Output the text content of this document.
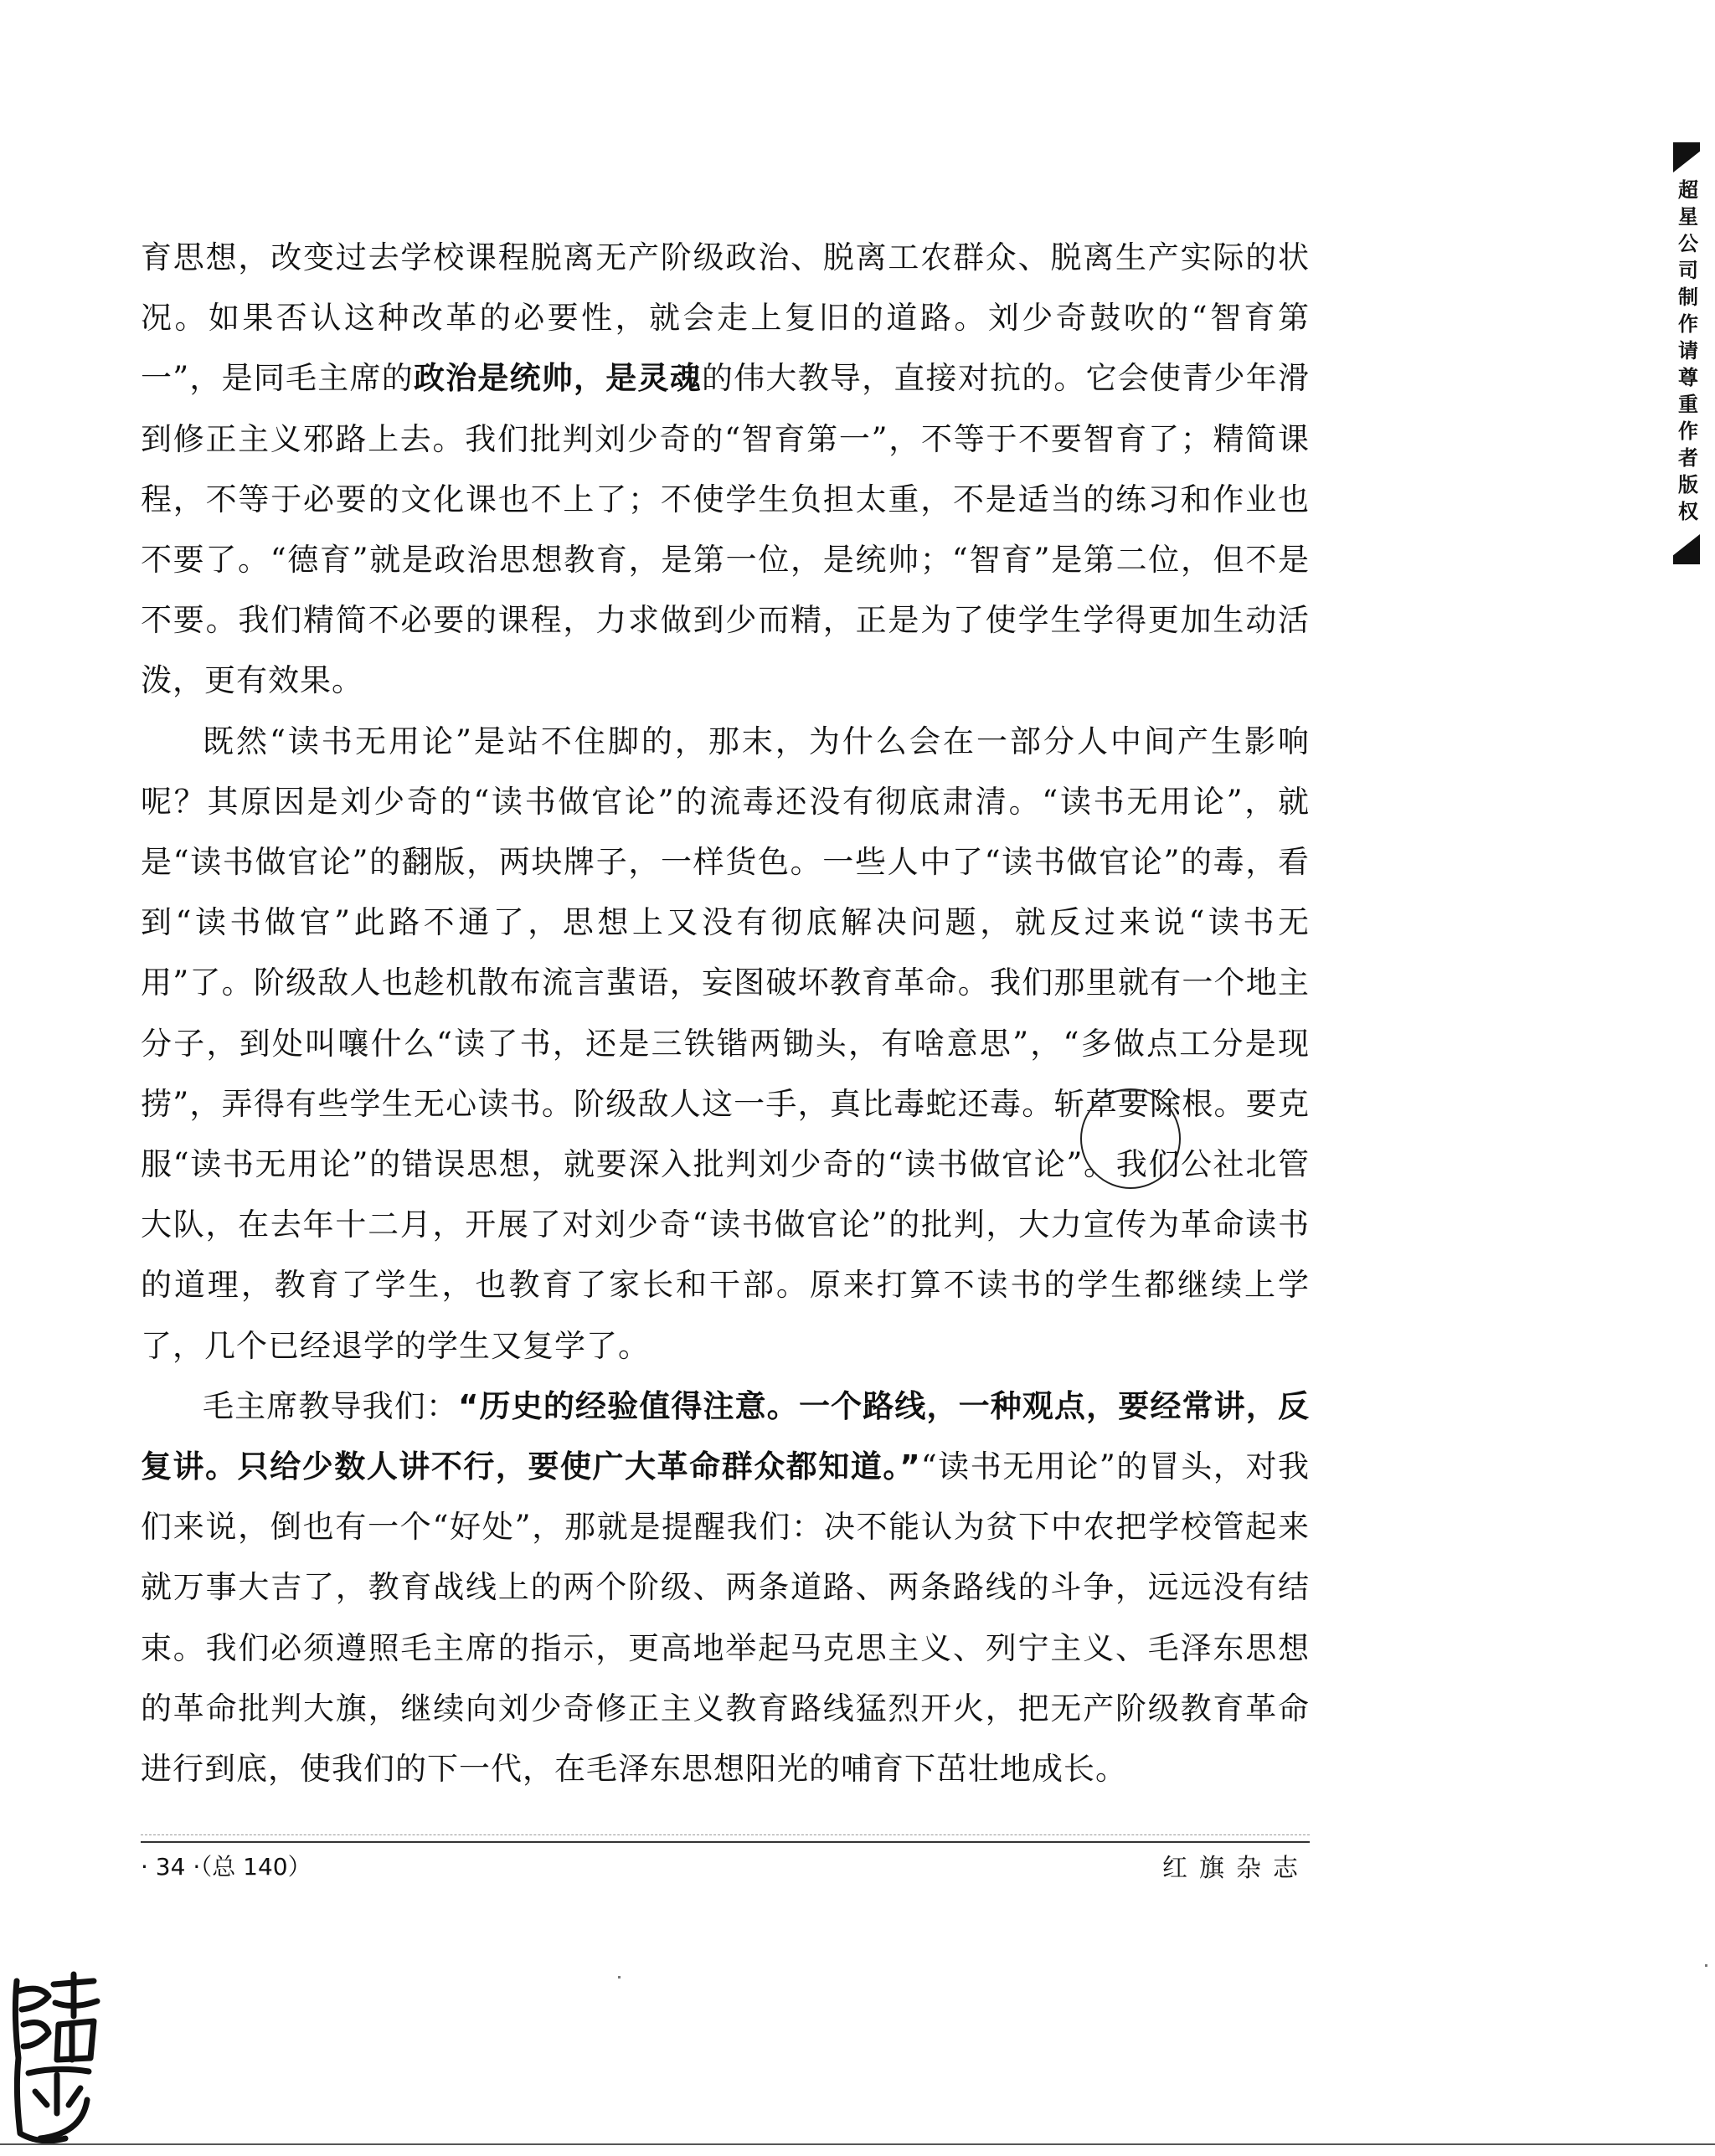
育思想，改变过去学校课程脱离无产阶级政治、脱离工农群众、脱离生产实际的状况。如果否认这种改革的必要性，就会走上复旧的道路。刘少奇鼓吹的“智育第一”，是同毛主席的政治是统帅，是灵魂的伟大教导，直接对抗的。它会使青少年滑到修正主义邪路上去。我们批判刘少奇的“智育第一”，不等于不要智育了；精简课程，不等于必要的文化课也不上了；不使学生负担太重，不是适当的练习和作业也不要了。“德育”就是政治思想教育，是第一位，是统帅；“智育”是第二位，但不是不要。我们精简不必要的课程，力求做到少而精，正是为了使学生学得更加生动活泼，更有效果。

既然“读书无用论”是站不住脚的，那末，为什么会在一部分人中间产生影响呢？其原因是刘少奇的“读书做官论”的流毒还没有彻底肃清。“读书无用论”，就是“读书做官论”的翻版，两块牌子，一样货色。一些人中了“读书做官论”的毒，看到“读书做官”此路不通了，思想上又没有彻底解决问题，就反过来说“读书无用”了。阶级敌人也趁机散布流言蜚语，妄图破坏教育革命。我们那里就有一个地主分子，到处叫嚷什么“读了书，还是三铁锴两锄头，有啥意思”，“多做点工分是现捞”，弄得有些学生无心读书。阶级敌人这一手，真比毒蛇还毒。斩草要除根。要克服“读书无用论”的错误思想，就要深入批判刘少奇的“读书做官论”。我们公社北管大队，在去年十二月，开展了对刘少奇“读书做官论”的批判，大力宣传为革命读书的道理，教育了学生，也教育了家长和干部。原来打算不读书的学生都继续上学了，几个已经退学的学生又复学了。

毛主席教导我们：“历史的经验值得注意。一个路线，一种观点，要经常讲，反复讲。只给少数人讲不行，要使广大革命群众都知道。”“读书无用论”的冒头，对我们来说，倒也有一个“好处”，那就是提醒我们：决不能认为贫下中农把学校管起来就万事大吉了，教育战线上的两个阶级、两条道路、两条路线的斗争，远远没有结束。我们必须遵照毛主席的指示，更高地举起马克思主义、列宁主义、毛泽东思想的革命批判大旗，继续向刘少奇修正主义教育路线猛烈开火，把无产阶级教育革命进行到底，使我们的下一代，在毛泽东思想阳光的哺育下茁壮地成长。

· 34 ·（总 140）	红旗杂志
超星公司制作请尊重作者版权
